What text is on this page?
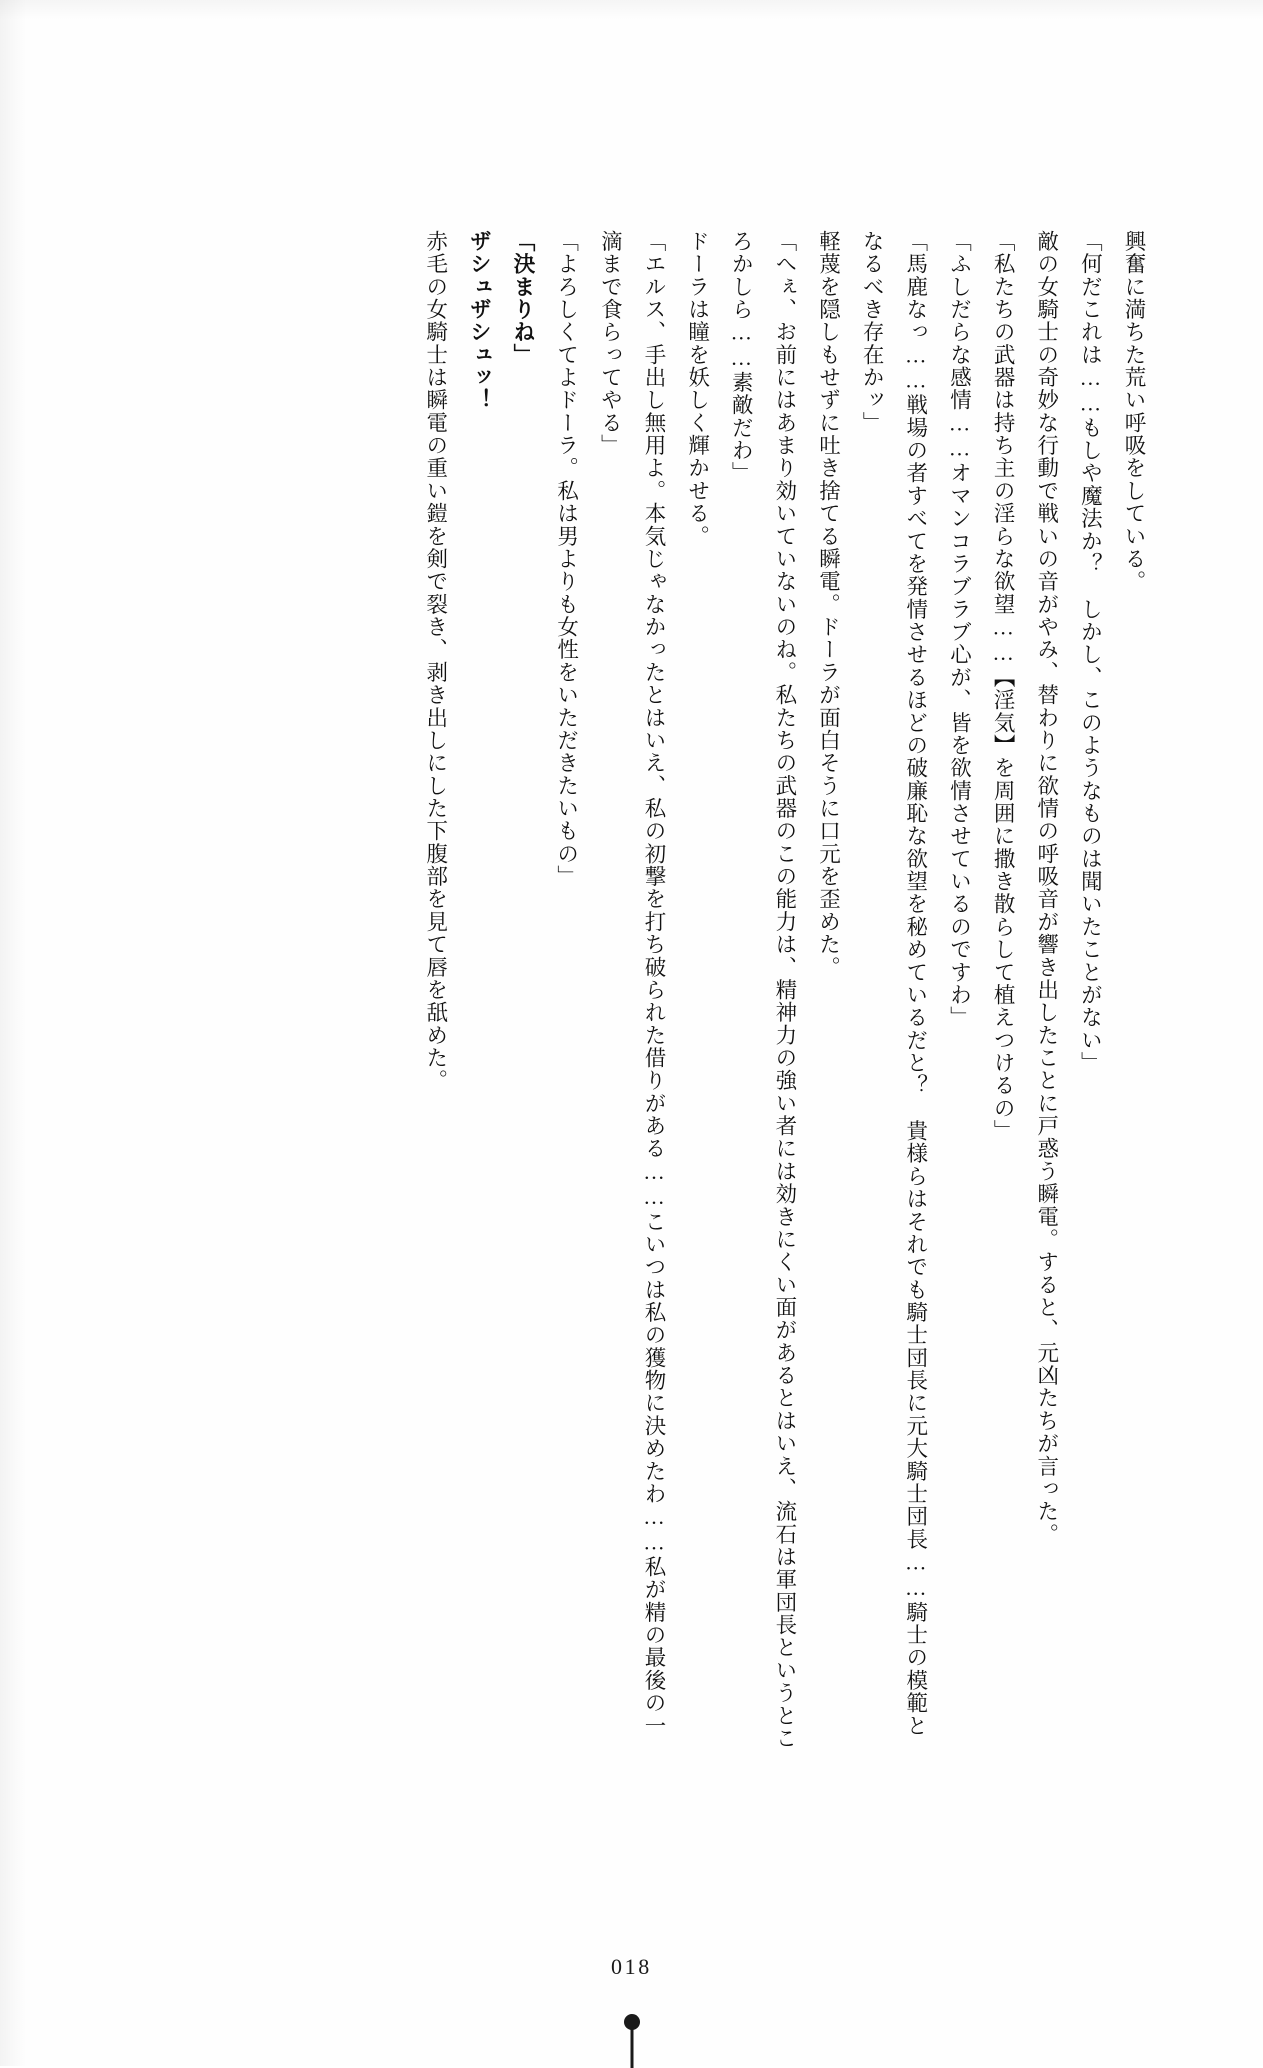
興奮に満ちた荒い呼吸をしている。

「何だこれは……もしや魔法か？　しかし、このようなものは聞いたことがない」

敵の女騎士の奇妙な行動で戦いの音がやみ、替わりに欲情の呼吸音が響き出したことに戸惑う瞬電。すると、元凶たちが言った。

「私たちの武器は持ち主の淫らな欲望……【淫気】を周囲に撒き散らして植えつけるの」

「ふしだらな感情……オマンコラブラブ心が、皆を欲情させているのですわ」

「馬鹿なっ……戦場の者すべてを発情させるほどの破廉恥な欲望を秘めているだと？　貴様らはそれでも騎士団長に元大騎士団長……騎士の模範となるべき存在かッ」

軽蔑を隠しもせずに吐き捨てる瞬電。ドーラが面白そうに口元を歪めた。

「へぇ、お前にはあまり効いていないのね。私たちの武器のこの能力は、精神力の強い者には効きにくい面があるとはいえ、流石は軍団長というところかしら……素敵だわ」

ドーラは瞳を妖しく輝かせる。

「エルス、手出し無用よ。本気じゃなかったとはいえ、私の初撃を打ち破られた借りがある……こいつは私の獲物に決めたわ……私が精の最後の一滴まで食らってやる」

「よろしくてよドーラ。私は男よりも女性をいただきたいもの」

「決まりね」

ザシュザシュッ！

赤毛の女騎士は瞬電の重い鎧を剣で裂き、剥き出しにした下腹部を見て唇を舐めた。

018
